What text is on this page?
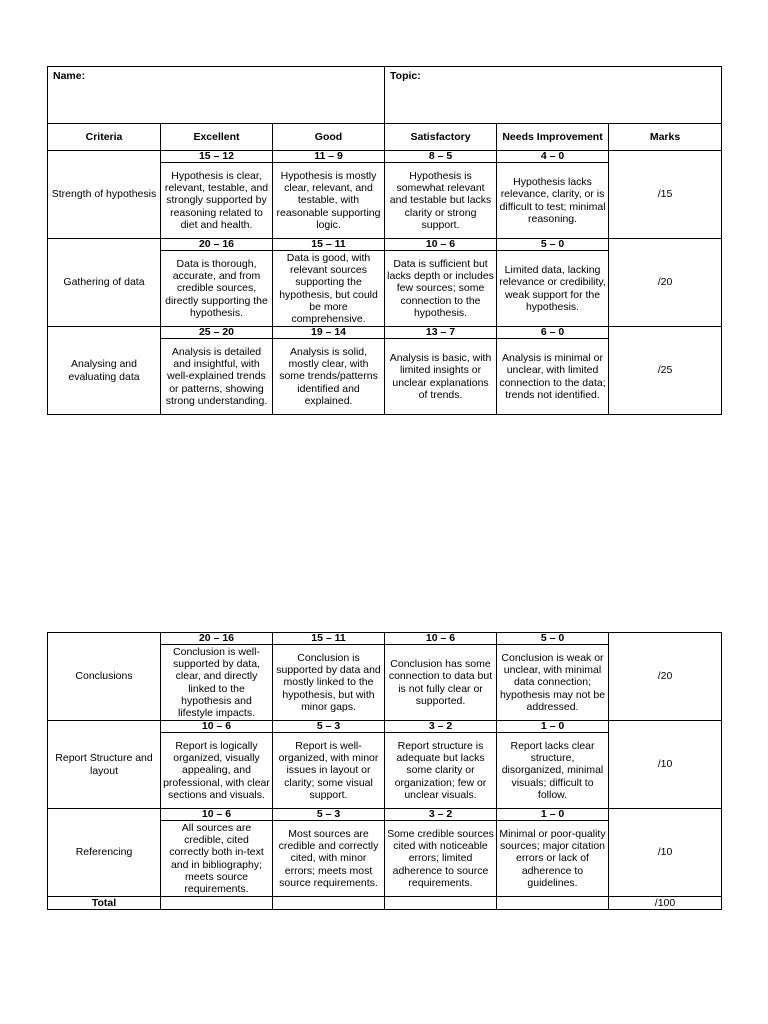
Name:			Topic:		
Criteria	Excellent	Good	Satisfactory	Needs Improvement	Marks
Strength of hypothesis	15 – 12	11 – 9	8 – 5	4 – 0	/15
	Hypothesis is clear, relevant, testable, and strongly supported by reasoning related to diet and health.	Hypothesis is mostly clear, relevant, and testable, with reasonable supporting logic.	Hypothesis is somewhat relevant and testable but lacks clarity or strong support.	Hypothesis lacks relevance, clarity, or is difficult to test; minimal reasoning.	
Gathering of data	20 – 16	15 – 11	10 – 6	5 – 0	/20
	Data is thorough, accurate, and from credible sources, directly supporting the hypothesis.	Data is good, with relevant sources supporting the hypothesis, but could be more comprehensive.	Data is sufficient but lacks depth or includes few sources; some connection to the hypothesis.	Limited data, lacking relevance or credibility, weak support for the hypothesis.	
Analysing and evaluating data	25 – 20	19 – 14	13 – 7	6 – 0	/25
	Analysis is detailed and insightful, with well-explained trends or patterns, showing strong understanding.	Analysis is solid, mostly clear, with some trends/patterns identified and explained.	Analysis is basic, with limited insights or unclear explanations of trends.	Analysis is minimal or unclear, with limited connection to the data; trends not identified.	
Conclusions	20 – 16	15 – 11	10 – 6	5 – 0	/20
	Conclusion is well-supported by data, clear, and directly linked to the hypothesis and lifestyle impacts.	Conclusion is supported by data and mostly linked to the hypothesis, but with minor gaps.	Conclusion has some connection to data but is not fully clear or supported.	Conclusion is weak or unclear, with minimal data connection; hypothesis may not be addressed.	
Report Structure and layout	10 – 6	5 – 3	3 – 2	1 – 0	/10
	Report is logically organized, visually appealing, and professional, with clear sections and visuals.	Report is well-organized, with minor issues in layout or clarity; some visual support.	Report structure is adequate but lacks some clarity or organization; few or unclear visuals.	Report lacks clear structure, disorganized, minimal visuals; difficult to follow.	
Referencing	10 – 6	5 – 3	3 – 2	1 – 0	/10
	All sources are credible, cited correctly both in-text and in bibliography; meets source requirements.	Most sources are credible and correctly cited, with minor errors; meets most source requirements.	Some credible sources cited with noticeable errors; limited adherence to source requirements.	Minimal or poor-quality sources; major citation errors or lack of adherence to guidelines.	
Total					/100
